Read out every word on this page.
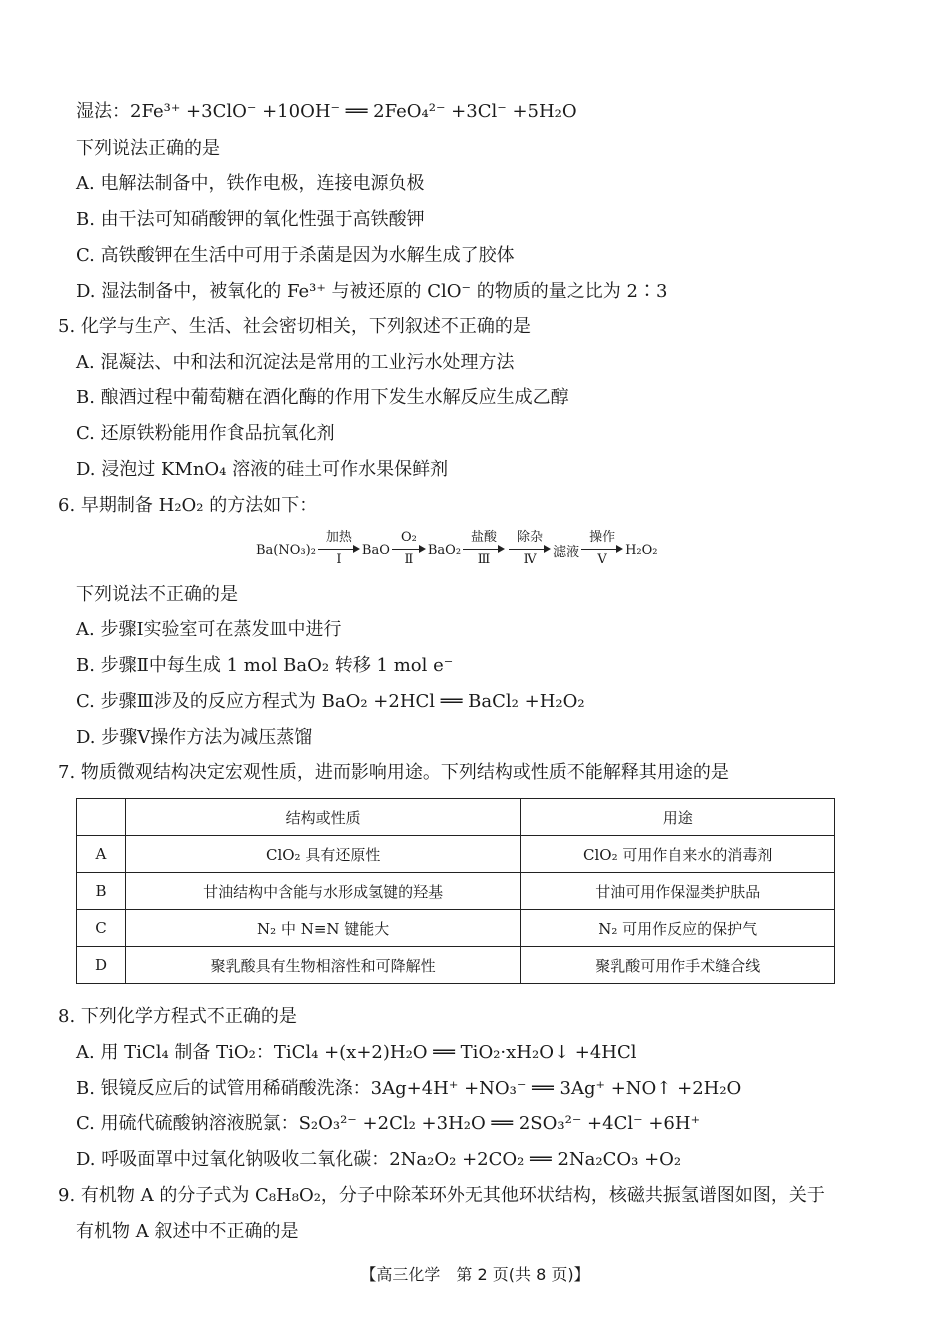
湿法：2Fe³⁺ +3ClO⁻ +10OH⁻ ══ 2FeO₄²⁻ +3Cl⁻ +5H₂O
下列说法正确的是
A. 电解法制备中，铁作电极，连接电源负极
B. 由干法可知硝酸钾的氧化性强于高铁酸钾
C. 高铁酸钾在生活中可用于杀菌是因为水解生成了胶体
D. 湿法制备中，被氧化的 Fe³⁺ 与被还原的 ClO⁻ 的物质的量之比为 2∶3
5. 化学与生产、生活、社会密切相关，下列叙述不正确的是
A. 混凝法、中和法和沉淀法是常用的工业污水处理方法
B. 酿酒过程中葡萄糖在酒化酶的作用下发生水解反应生成乙醇
C. 还原铁粉能用作食品抗氧化剂
D. 浸泡过 KMnO₄ 溶液的硅土可作水果保鲜剂
6. 早期制备 H₂O₂ 的方法如下：
Ba(NO₃)₂
加热
Ⅰ
BaO
O₂
Ⅱ
BaO₂
盐酸
Ⅲ
除杂
Ⅳ	滤液
操作
Ⅴ
H₂O₂
下列说法不正确的是
A. 步骤Ⅰ实验室可在蒸发皿中进行
B. 步骤Ⅱ中每生成 1 mol BaO₂ 转移 1 mol e⁻
C. 步骤Ⅲ涉及的反应方程式为 BaO₂ +2HCl ══ BaCl₂ +H₂O₂
D. 步骤Ⅴ操作方法为减压蒸馏
7. 物质微观结构决定宏观性质，进而影响用途。下列结构或性质不能解释其用途的是
	结构或性质	用途
A	ClO₂ 具有还原性	ClO₂ 可用作自来水的消毒剂
B	甘油结构中含能与水形成氢键的羟基	甘油可用作保湿类护肤品
C	N₂ 中 N≡N 键能大	N₂ 可用作反应的保护气
D	聚乳酸具有生物相溶性和可降解性	聚乳酸可用作手术缝合线
8. 下列化学方程式不正确的是
A. 用 TiCl₄ 制备 TiO₂：TiCl₄ +(x+2)H₂O ══ TiO₂·xH₂O↓ +4HCl
B. 银镜反应后的试管用稀硝酸洗涤：3Ag+4H⁺ +NO₃⁻ ══ 3Ag⁺ +NO↑ +2H₂O
C. 用硫代硫酸钠溶液脱氯：S₂O₃²⁻ +2Cl₂ +3H₂O ══ 2SO₃²⁻ +4Cl⁻ +6H⁺
D. 呼吸面罩中过氧化钠吸收二氧化碳：2Na₂O₂ +2CO₂ ══ 2Na₂CO₃ +O₂
9. 有机物 A 的分子式为 C₈H₈O₂，分子中除苯环外无其他环状结构，核磁共振氢谱图如图，关于
有机物 A 叙述中不正确的是
【高三化学　第 2 页(共 8 页)】
